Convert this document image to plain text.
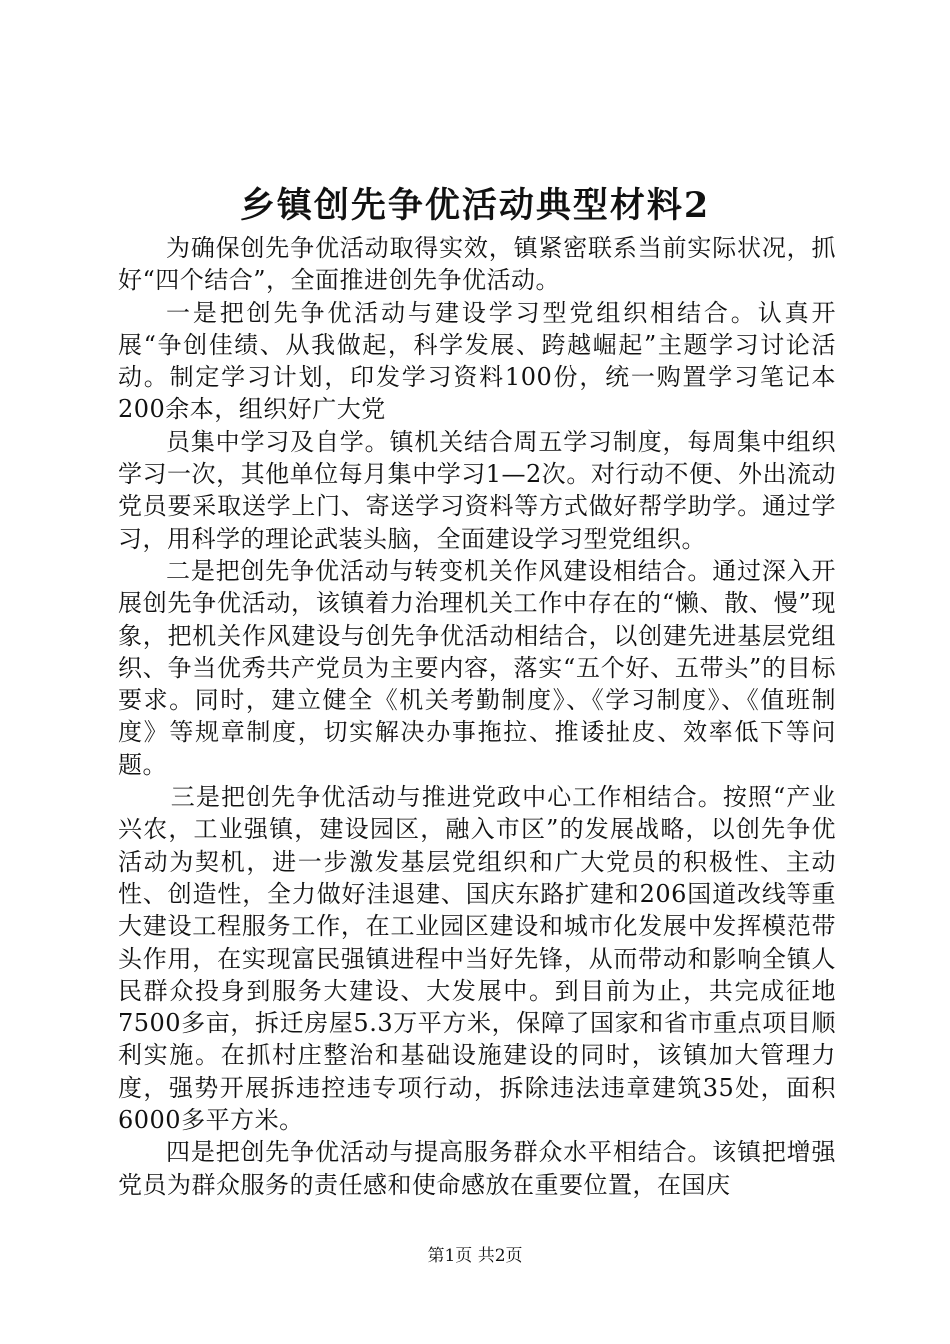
乡镇创先争优活动典型材料2

为确保创先争优活动取得实效，镇紧密联系当前实际状况，抓好“四个结合”，全面推进创先争优活动。

一是把创先争优活动与建设学习型党组织相结合。认真开展“争创佳绩、从我做起，科学发展、跨越崛起”主题学习讨论活动。制定学习计划，印发学习资料100份，统一购置学习笔记本200余本，组织好广大党

员集中学习及自学。镇机关结合周五学习制度，每周集中组织学习一次，其他单位每月集中学习1—2次。对行动不便、外出流动党员要采取送学上门、寄送学习资料等方式做好帮学助学。通过学习，用科学的理论武装头脑，全面建设学习型党组织。

二是把创先争优活动与转变机关作风建设相结合。通过深入开展创先争优活动，该镇着力治理机关工作中存在的“懒、散、慢”现象，把机关作风建设与创先争优活动相结合，以创建先进基层党组织、争当优秀共产党员为主要内容，落实“五个好、五带头”的目标要求。同时，建立健全《机关考勤制度》、《学习制度》、《值班制度》等规章制度，切实解决办事拖拉、推诿扯皮、效率低下等问题。

三是把创先争优活动与推进党政中心工作相结合。按照“产业兴农，工业强镇，建设园区，融入市区”的发展战略，以创先争优活动为契机，进一步激发基层党组织和广大党员的积极性、主动性、创造性，全力做好洼退建、国庆东路扩建和206国道改线等重大建设工程服务工作，在工业园区建设和城市化发展中发挥模范带头作用，在实现富民强镇进程中当好先锋，从而带动和影响全镇人民群众投身到服务大建设、大发展中。到目前为止，共完成征地7500多亩，拆迁房屋5.3万平方米，保障了国家和省市重点项目顺利实施。在抓村庄整治和基础设施建设的同时，该镇加大管理力度，强势开展拆违控违专项行动，拆除违法违章建筑35处，面积6000多平方米。

四是把创先争优活动与提高服务群众水平相结合。该镇把增强党员为群众服务的责任感和使命感放在重要位置，在国庆

第1页 共2页
